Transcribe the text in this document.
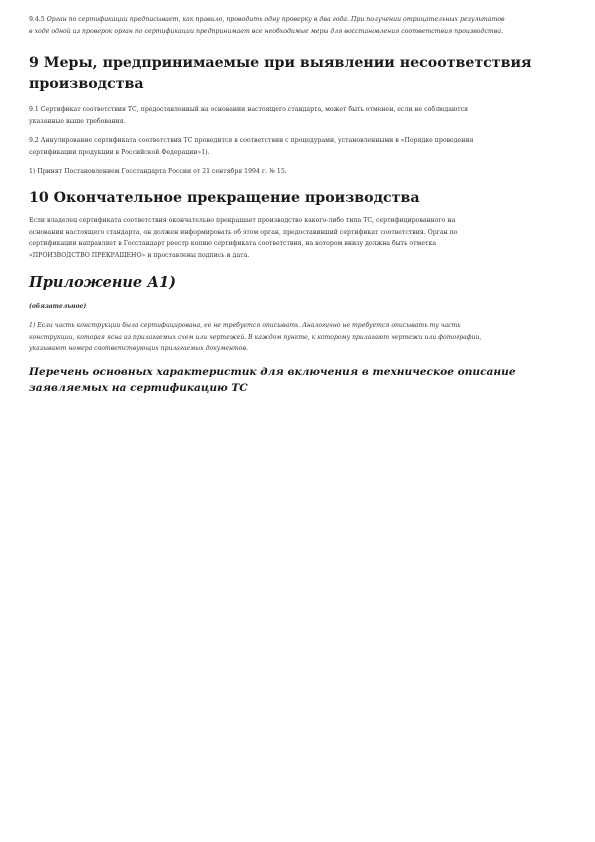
9.4.5 Орган по сертификации предписывает, как правило, проводить одну проверку в два года. При получении отрицательных результатов
в ходе одной из проверок орган по сертификации предпринимает все необходимые меры для восстановления соответствия производства.
9 Меры, предпринимаемые при выявлении несоответствия
производства
9.1 Сертификат соответствия ТС, предоставленный на основании настоящего стандарта, может быть отменен, если не соблюдаются
указанные выше требования.
9.2 Аннулирование сертификата соответствия ТС проводится в соответствии с процедурами, установленными в «Порядке проведения
сертификации продукции в Российской Федерации»1).
1) Принят Постановлением Госстандарта России от 21 сентября 1994 г. № 15.
10 Окончательное прекращение производства
Если владелец сертификата соответствия окончательно прекращает производство какого-либо типа ТС, сертифицированного на
основании настоящего стандарта, он должен информировать об этом орган, предоставивший сертификат соответствия. Орган по
сертификации направляет в Госстандарт реестр копию сертификата соответствия, на котором внизу должна быть отметка
«ПРОИЗВОДСТВО ПРЕКРАЩЕНО» и проставлены подпись и дата.
Приложение А1)
(обязательное)
1) Если часть конструкции была сертифицирована, ее не требуется описывать. Аналогично не требуется описывать ту часть
конструкции, которая ясна из прилагаемых схем или чертежей. В каждом пункте, к которому прилагают чертежи или фотографии,
указывают номера соответствующих прилагаемых документов.
Перечень основных характеристик для включения в техническое описание
заявляемых на сертификацию ТС
